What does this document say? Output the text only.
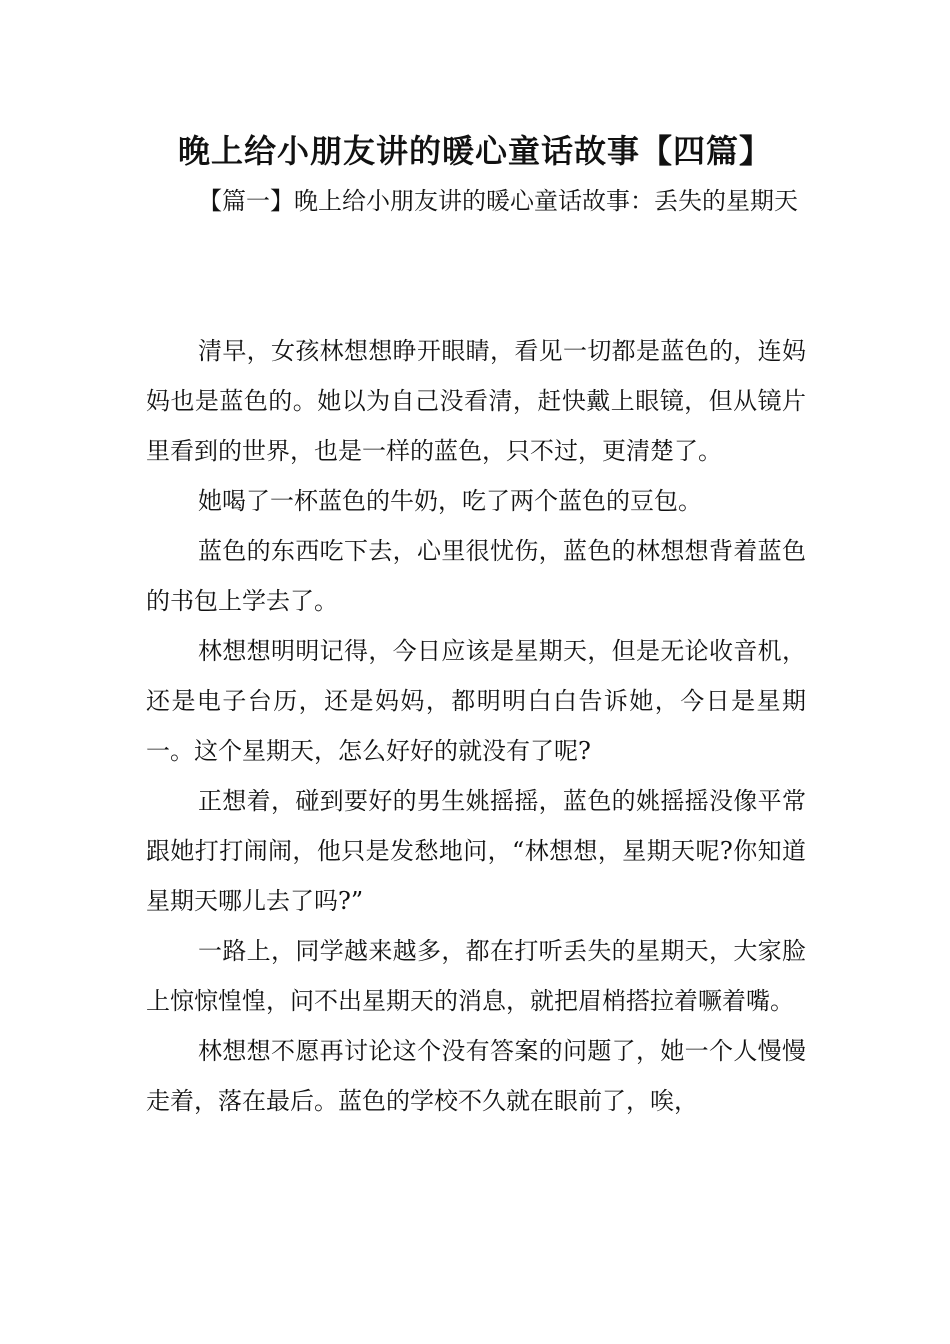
晚上给小朋友讲的暖心童话故事【四篇】

【篇一】晚上给小朋友讲的暖心童话故事：丢失的星期天

清早，女孩林想想睁开眼睛，看见一切都是蓝色的，连妈妈也是蓝色的。她以为自己没看清，赶快戴上眼镜，但从镜片里看到的世界，也是一样的蓝色，只不过，更清楚了。

她喝了一杯蓝色的牛奶，吃了两个蓝色的豆包。

蓝色的东西吃下去，心里很忧伤，蓝色的林想想背着蓝色的书包上学去了。

林想想明明记得，今日应该是星期天，但是无论收音机，还是电子台历，还是妈妈，都明明白白告诉她，今日是星期一。这个星期天，怎么好好的就没有了呢?

正想着，碰到要好的男生姚摇摇，蓝色的姚摇摇没像平常跟她打打闹闹，他只是发愁地问，“林想想，星期天呢?你知道星期天哪儿去了吗?”

一路上，同学越来越多，都在打听丢失的星期天，大家脸上惊惊惶惶，问不出星期天的消息，就把眉梢搭拉着噘着嘴。

林想想不愿再讨论这个没有答案的问题了，她一个人慢慢走着，落在最后。蓝色的学校不久就在眼前了，唉，
